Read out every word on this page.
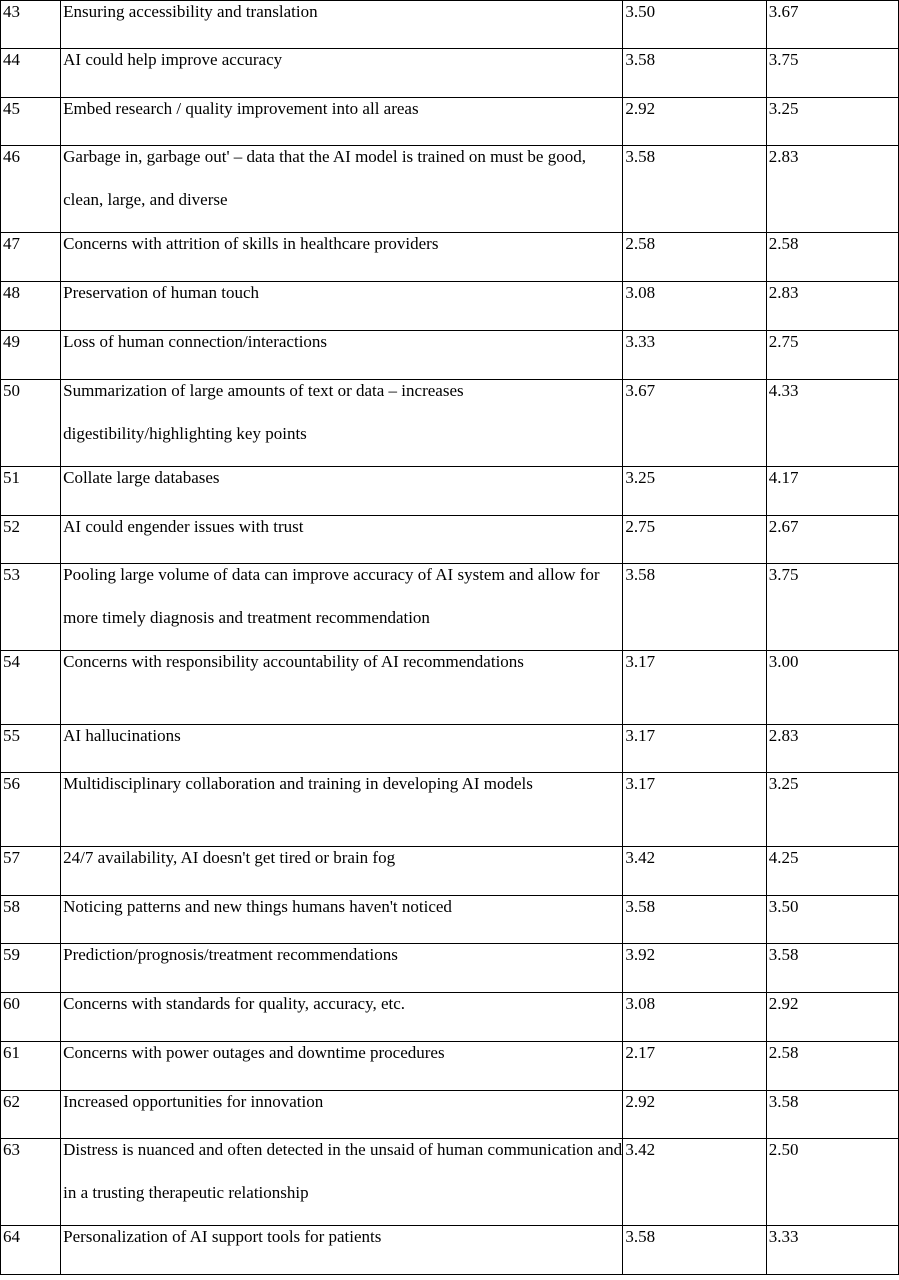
43	Ensuring accessibility and translation	3.50	3.67

44	AI could help improve accuracy	3.58	3.75

45	Embed research / quality improvement into all areas	2.92	3.25

46	Garbage in, garbage out' – data that the AI model is trained on must be good, clean, large, and diverse	3.58	2.83

47	Concerns with attrition of skills in healthcare providers	2.58	2.58

48	Preservation of human touch	3.08	2.83

49	Loss of human connection/interactions	3.33	2.75

50	Summarization of large amounts of text or data – increases digestibility/highlighting key points	3.67	4.33

51	Collate large databases	3.25	4.17

52	AI could engender issues with trust	2.75	2.67

53	Pooling large volume of data can improve accuracy of AI system and allow for more timely diagnosis and treatment recommendation	3.58	3.75

54	Concerns with responsibility accountability of AI recommendations	3.17	3.00

55	AI hallucinations	3.17	2.83

56	Multidisciplinary collaboration and training in developing AI models	3.17	3.25

57	24/7 availability, AI doesn't get tired or brain fog	3.42	4.25

58	Noticing patterns and new things humans haven't noticed	3.58	3.50

59	Prediction/prognosis/treatment recommendations	3.92	3.58

60	Concerns with standards for quality, accuracy, etc.	3.08	2.92

61	Concerns with power outages and downtime procedures	2.17	2.58

62	Increased opportunities for innovation	2.92	3.58

63	Distress is nuanced and often detected in the unsaid of human communication and in a trusting therapeutic relationship	3.42	2.50

64	Personalization of AI support tools for patients	3.58	3.33
